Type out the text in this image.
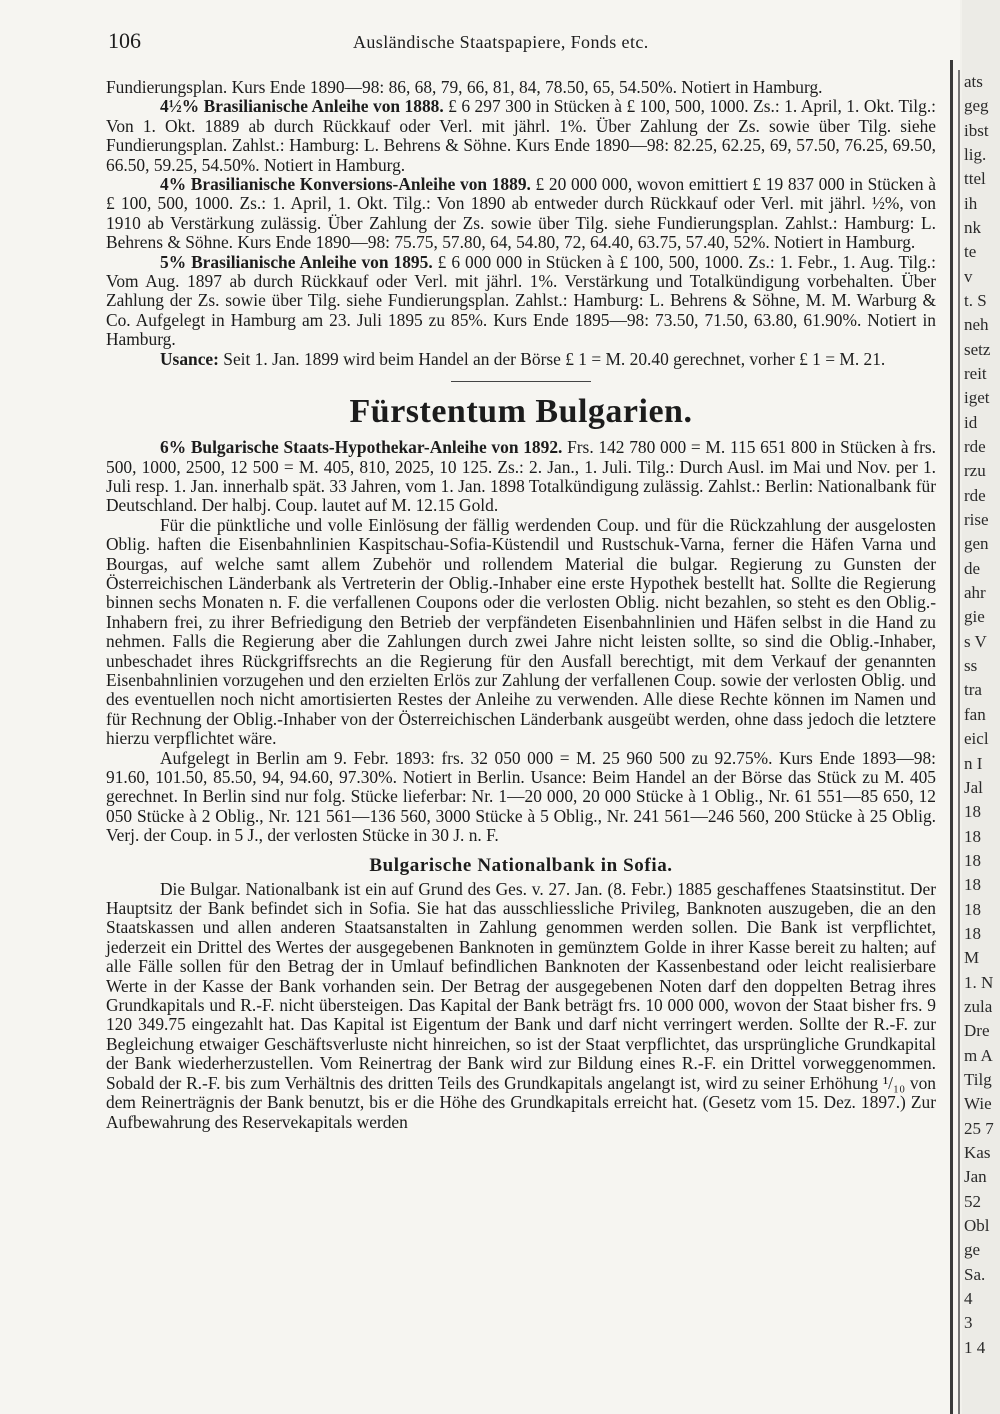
106	Ausländische Staatspapiere, Fonds etc.

Fundierungsplan. Kurs Ende 1890—98: 86, 68, 79, 66, 81, 84, 78.50, 65, 54.50%. Notiert in Hamburg.

4½% Brasilianische Anleihe von 1888. £ 6 297 300 in Stücken à £ 100, 500, 1000. Zs.: 1. April, 1. Okt. Tilg.: Von 1. Okt. 1889 ab durch Rückkauf oder Verl. mit jährl. 1%. Über Zahlung der Zs. sowie über Tilg. siehe Fundierungsplan. Zahlst.: Hamburg: L. Behrens & Söhne. Kurs Ende 1890—98: 82.25, 62.25, 69, 57.50, 76.25, 69.50, 66.50, 59.25, 54.50%. Notiert in Hamburg.

4% Brasilianische Konversions-Anleihe von 1889. £ 20 000 000, wovon emittiert £ 19 837 000 in Stücken à £ 100, 500, 1000. Zs.: 1. April, 1. Okt. Tilg.: Von 1890 ab entweder durch Rückkauf oder Verl. mit jährl. ½%, von 1910 ab Verstärkung zulässig. Über Zahlung der Zs. sowie über Tilg. siehe Fundierungsplan. Zahlst.: Hamburg: L. Behrens & Söhne. Kurs Ende 1890—98: 75.75, 57.80, 64, 54.80, 72, 64.40, 63.75, 57.40, 52%. Notiert in Hamburg.

5% Brasilianische Anleihe von 1895. £ 6 000 000 in Stücken à £ 100, 500, 1000. Zs.: 1. Febr., 1. Aug. Tilg.: Vom Aug. 1897 ab durch Rückkauf oder Verl. mit jährl. 1%. Verstärkung und Totalkündigung vorbehalten. Über Zahlung der Zs. sowie über Tilg. siehe Fundierungsplan. Zahlst.: Hamburg: L. Behrens & Söhne, M. M. Warburg & Co. Aufgelegt in Hamburg am 23. Juli 1895 zu 85%. Kurs Ende 1895—98: 73.50, 71.50, 63.80, 61.90%. Notiert in Hamburg.

Usance: Seit 1. Jan. 1899 wird beim Handel an der Börse £ 1 = M. 20.40 gerechnet, vorher £ 1 = M. 21.

Fürstentum Bulgarien.

6% Bulgarische Staats-Hypothekar-Anleihe von 1892. Frs. 142 780 000 = M. 115 651 800 in Stücken à frs. 500, 1000, 2500, 12 500 = M. 405, 810, 2025, 10 125. Zs.: 2. Jan., 1. Juli. Tilg.: Durch Ausl. im Mai und Nov. per 1. Juli resp. 1. Jan. innerhalb spät. 33 Jahren, vom 1. Jan. 1898 Totalkündigung zulässig. Zahlst.: Berlin: Nationalbank für Deutschland. Der halbj. Coup. lautet auf M. 12.15 Gold.

Für die pünktliche und volle Einlösung der fällig werdenden Coup. und für die Rückzahlung der ausgelosten Oblig. haften die Eisenbahnlinien Kaspitschau-Sofia-Küstendil und Rustschuk-Varna, ferner die Häfen Varna und Bourgas, auf welche samt allem Zubehör und rollendem Material die bulgar. Regierung zu Gunsten der Österreichischen Länderbank als Vertreterin der Oblig.-Inhaber eine erste Hypothek bestellt hat. Sollte die Regierung binnen sechs Monaten n. F. die verfallenen Coupons oder die verlosten Oblig. nicht bezahlen, so steht es den Oblig.-Inhabern frei, zu ihrer Befriedigung den Betrieb der verpfändeten Eisenbahnlinien und Häfen selbst in die Hand zu nehmen. Falls die Regierung aber die Zahlungen durch zwei Jahre nicht leisten sollte, so sind die Oblig.-Inhaber, unbeschadet ihres Rückgriffsrechts an die Regierung für den Ausfall berechtigt, mit dem Verkauf der genannten Eisenbahnlinien vorzugehen und den erzielten Erlös zur Zahlung der verfallenen Coup. sowie der verlosten Oblig. und des eventuellen noch nicht amortisierten Restes der Anleihe zu verwenden. Alle diese Rechte können im Namen und für Rechnung der Oblig.-Inhaber von der Österreichischen Länderbank ausgeübt werden, ohne dass jedoch die letztere hierzu verpflichtet wäre.

Aufgelegt in Berlin am 9. Febr. 1893: frs. 32 050 000 = M. 25 960 500 zu 92.75%. Kurs Ende 1893—98: 91.60, 101.50, 85.50, 94, 94.60, 97.30%. Notiert in Berlin. Usance: Beim Handel an der Börse das Stück zu M. 405 gerechnet. In Berlin sind nur folg. Stücke lieferbar: Nr. 1—20 000, 20 000 Stücke à 1 Oblig., Nr. 61 551—85 650, 12 050 Stücke à 2 Oblig., Nr. 121 561—136 560, 3000 Stücke à 5 Oblig., Nr. 241 561—246 560, 200 Stücke à 25 Oblig. Verj. der Coup. in 5 J., der verlosten Stücke in 30 J. n. F.

Bulgarische Nationalbank in Sofia.

Die Bulgar. Nationalbank ist ein auf Grund des Ges. v. 27. Jan. (8. Febr.) 1885 geschaffenes Staatsinstitut. Der Hauptsitz der Bank befindet sich in Sofia. Sie hat das ausschliessliche Privileg, Banknoten auszugeben, die an den Staatskassen und allen anderen Staatsanstalten in Zahlung genommen werden sollen. Die Bank ist verpflichtet, jederzeit ein Drittel des Wertes der ausgegebenen Banknoten in gemünztem Golde in ihrer Kasse bereit zu halten; auf alle Fälle sollen für den Betrag der in Umlauf befindlichen Banknoten der Kassenbestand oder leicht realisierbare Werte in der Kasse der Bank vorhanden sein. Der Betrag der ausgegebenen Noten darf den doppelten Betrag ihres Grundkapitals und R.-F. nicht übersteigen. Das Kapital der Bank beträgt frs. 10 000 000, wovon der Staat bisher frs. 9 120 349.75 eingezahlt hat. Das Kapital ist Eigentum der Bank und darf nicht verringert werden. Sollte der R.-F. zur Begleichung etwaiger Geschäftsverluste nicht hinreichen, so ist der Staat verpflichtet, das ursprüngliche Grundkapital der Bank wiederherzustellen. Vom Reinertrag der Bank wird zur Bildung eines R.-F. ein Drittel vorweggenommen. Sobald der R.-F. bis zum Verhältnis des dritten Teils des Grundkapitals angelangt ist, wird zu seiner Erhöhung ¹/₁₀ von dem Reinerträgnis der Bank benutzt, bis er die Höhe des Grundkapitals erreicht hat. (Gesetz vom 15. Dez. 1897.) Zur Aufbewahrung des Reservekapitals werden

ats
geg
ibst
lig.
ttel
ih
nk
te
v
t. S
neh
setz
reit
iget
id
rde
rzu
rde
rise
gen
de
ahr
gie
s V
ss
tra
fan
eicl
n I
Jal
18
18
18
18
18
18
M
1. N
zula
Dre
m A
Tilg
Wie
25 7
Kas
Jan
52
Obl
ge
Sa.
4
3
1 4
